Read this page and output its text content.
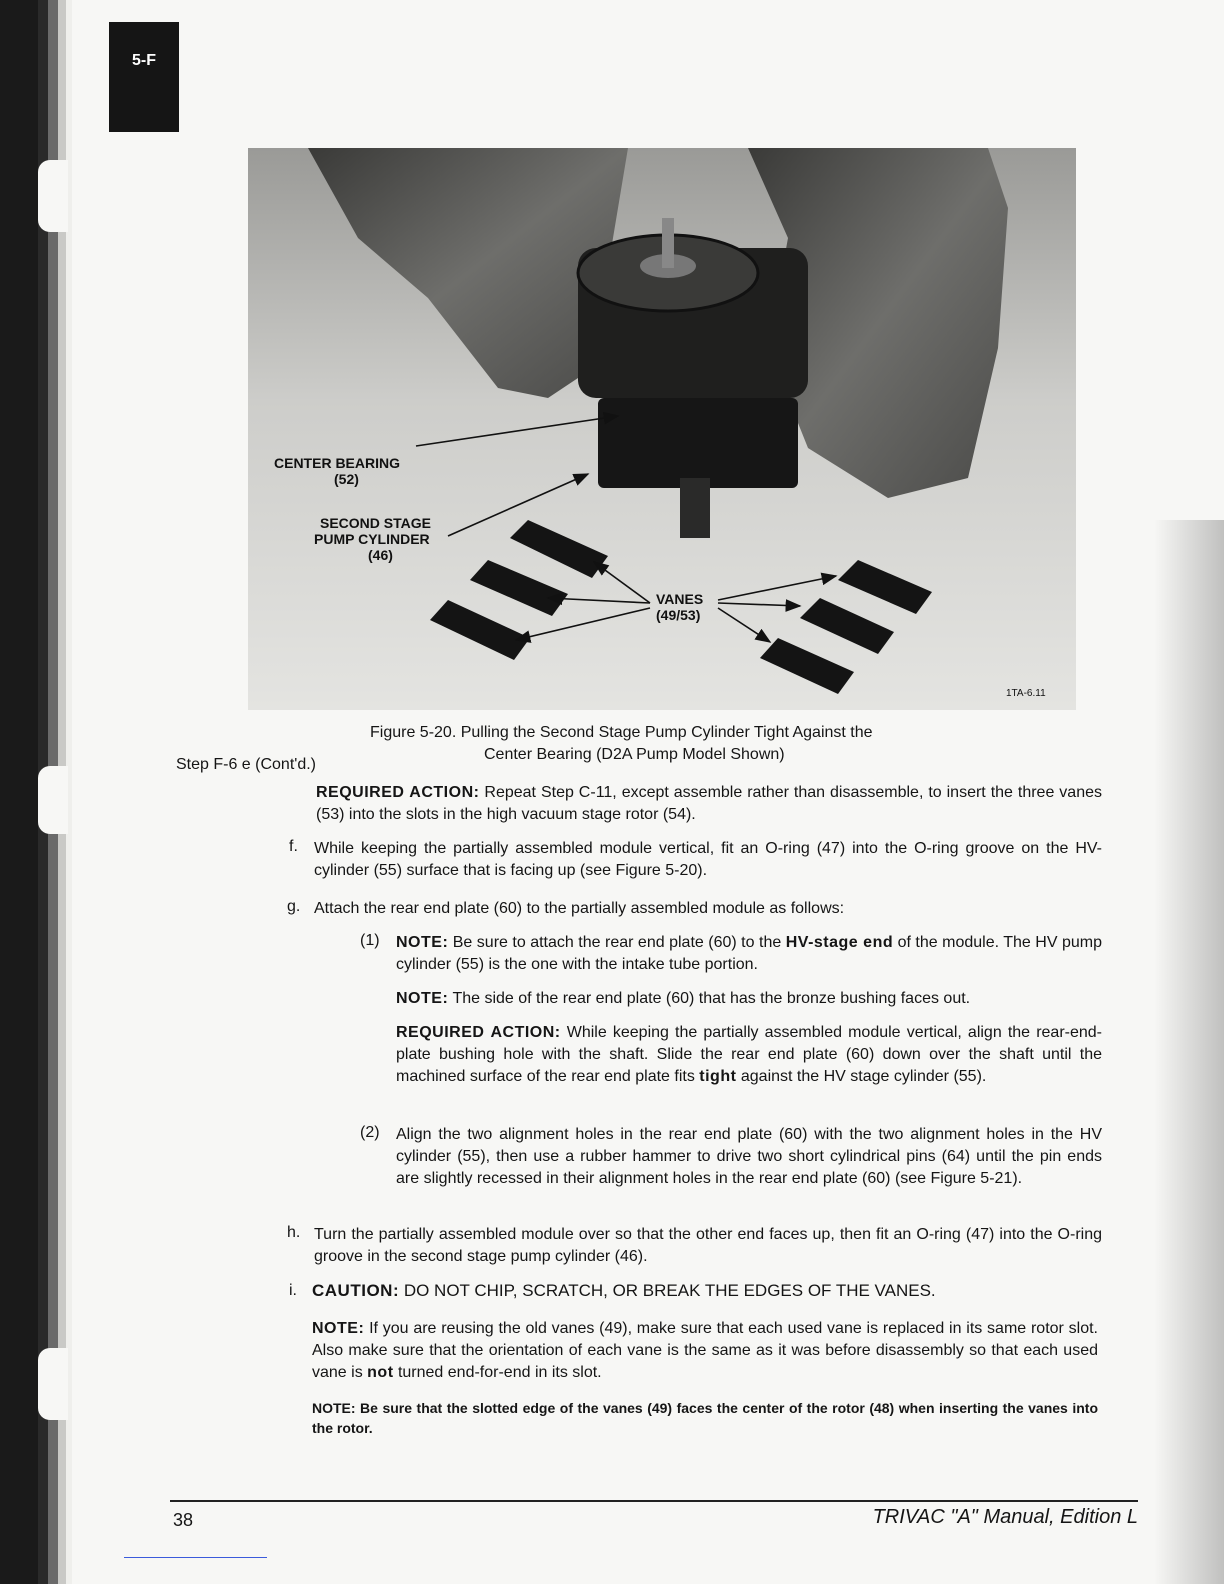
5-F
CENTER BEARING
(52)
SECOND STAGE
PUMP CYLINDER
(46)
VANES
(49/53)
1TA-6.11
Figure 5-20. Pulling the Second Stage Pump Cylinder Tight Against the
Center Bearing (D2A Pump Model Shown)
Step F-6 e (Cont'd.)
REQUIRED ACTION: Repeat Step C-11, except assemble rather than disassemble, to insert the three vanes (53) into the slots in the high vacuum stage rotor (54).
f. While keeping the partially assembled module vertical, fit an O-ring (47) into the O-ring groove on the HV-cylinder (55) surface that is facing up (see Figure 5-20).
g. Attach the rear end plate (60) to the partially assembled module as follows:
(1) NOTE: Be sure to attach the rear end plate (60) to the HV-stage end of the module. The HV pump cylinder (55) is the one with the intake tube portion.
NOTE: The side of the rear end plate (60) that has the bronze bushing faces out.
REQUIRED ACTION: While keeping the partially assembled module vertical, align the rear-end-plate bushing hole with the shaft. Slide the rear end plate (60) down over the shaft until the machined surface of the rear end plate fits tight against the HV stage cylinder (55).
(2) Align the two alignment holes in the rear end plate (60) with the two alignment holes in the HV cylinder (55), then use a rubber hammer to drive two short cylindrical pins (64) until the pin ends are slightly recessed in their alignment holes in the rear end plate (60) (see Figure 5-21).
h. Turn the partially assembled module over so that the other end faces up, then fit an O-ring (47) into the O-ring groove in the second stage pump cylinder (46).
i. CAUTION: DO NOT CHIP, SCRATCH, OR BREAK THE EDGES OF THE VANES.
NOTE: If you are reusing the old vanes (49), make sure that each used vane is replaced in its same rotor slot. Also make sure that the orientation of each vane is the same as it was before disassembly so that each used vane is not turned end-for-end in its slot.
NOTE: Be sure that the slotted edge of the vanes (49) faces the center of the rotor (48) when inserting the vanes into the rotor.
38	TRIVAC "A" Manual, Edition L
